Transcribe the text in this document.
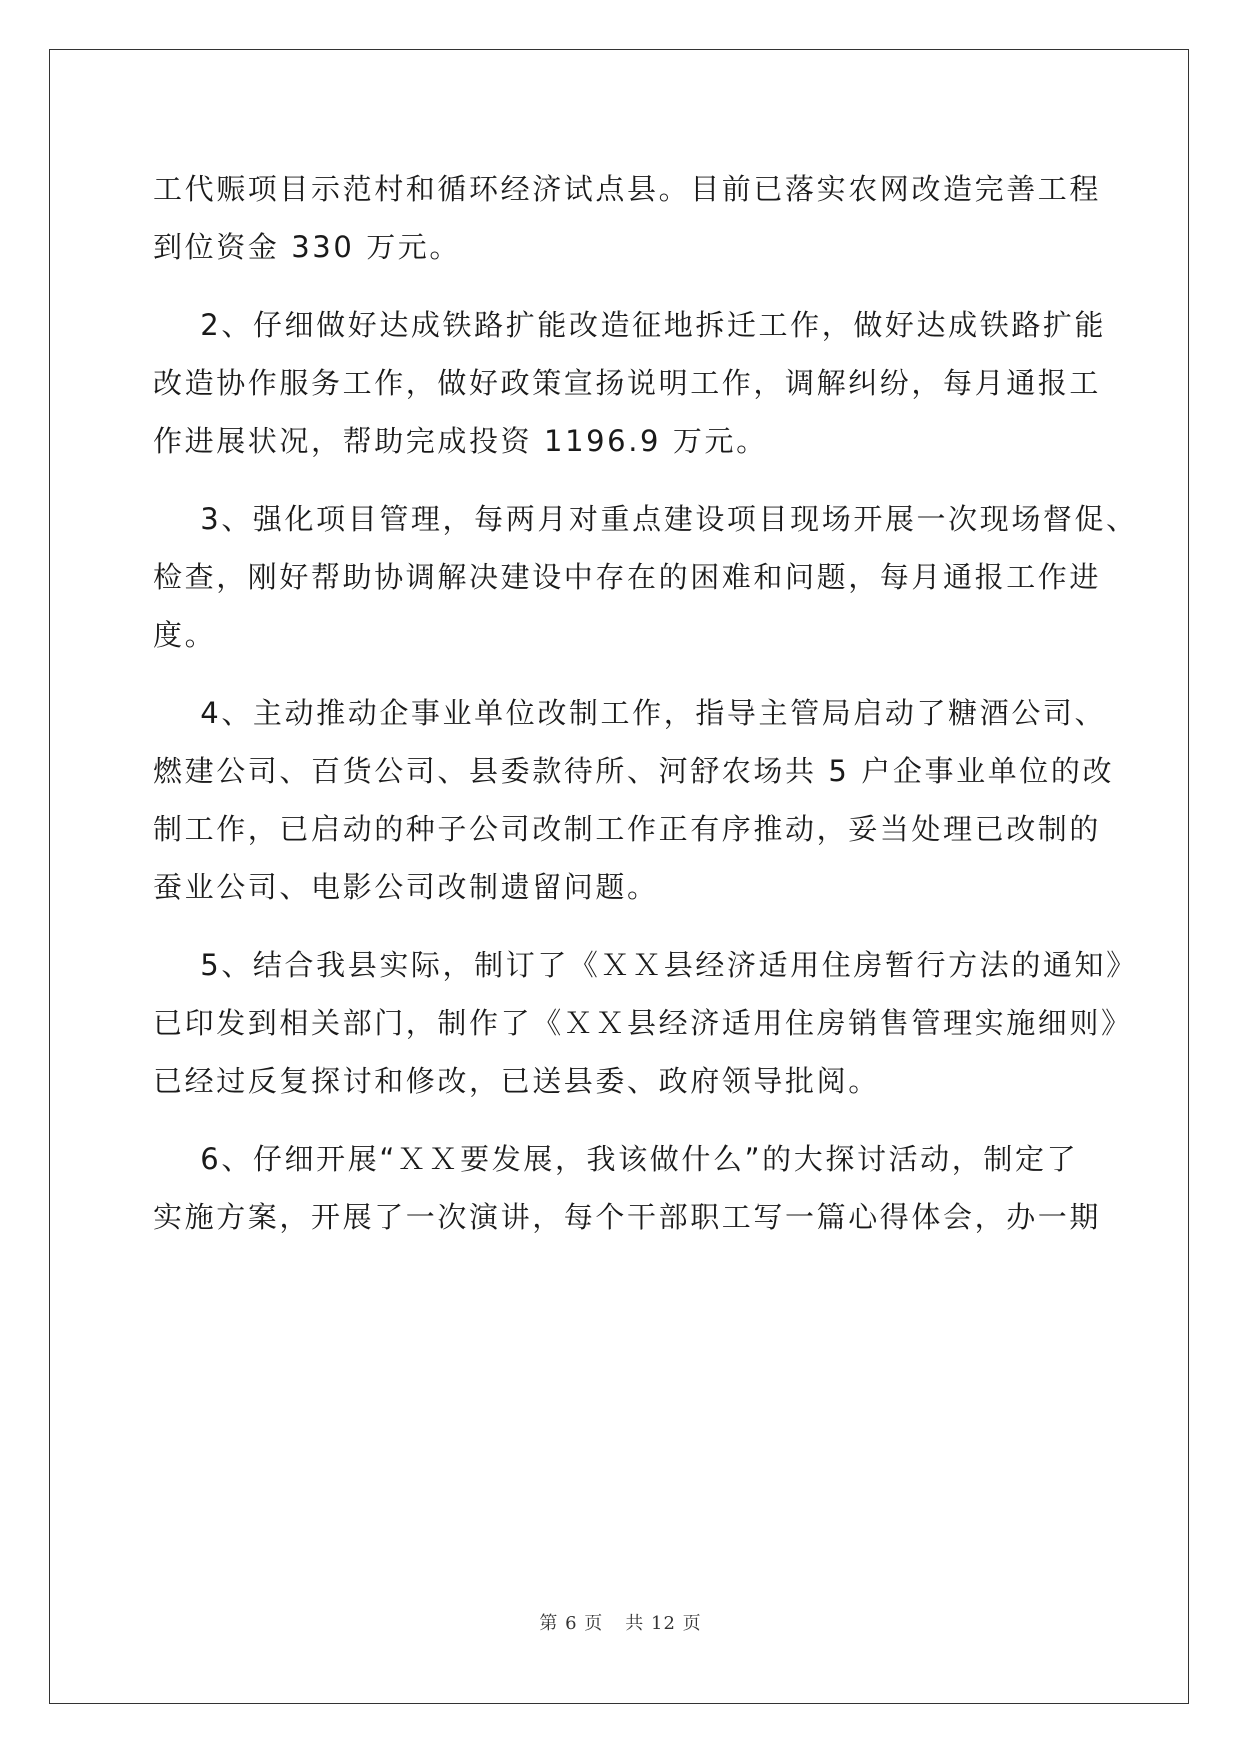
工代赈项目示范村和循环经济试点县。目前已落实农网改造完善工程
到位资金 330 万元。
2、仔细做好达成铁路扩能改造征地拆迁工作，做好达成铁路扩能
改造协作服务工作，做好政策宣扬说明工作，调解纠纷，每月通报工
作进展状况，帮助完成投资 1196.9 万元。
3、强化项目管理，每两月对重点建设项目现场开展一次现场督促、
检查，刚好帮助协调解决建设中存在的困难和问题，每月通报工作进
度。
4、主动推动企事业单位改制工作，指导主管局启动了糖酒公司、
燃建公司、百货公司、县委款待所、河舒农场共 5 户企事业单位的改
制工作，已启动的种子公司改制工作正有序推动，妥当处理已改制的
蚕业公司、电影公司改制遗留问题。
5、结合我县实际，制订了《ＸＸ县经济适用住房暂行方法的通知》
已印发到相关部门，制作了《ＸＸ县经济适用住房销售管理实施细则》
已经过反复探讨和修改，已送县委、政府领导批阅。
6、仔细开展“ＸＸ要发展，我该做什么”的大探讨活动，制定了
实施方案，开展了一次演讲，每个干部职工写一篇心得体会，办一期
第 6 页 共 12 页
